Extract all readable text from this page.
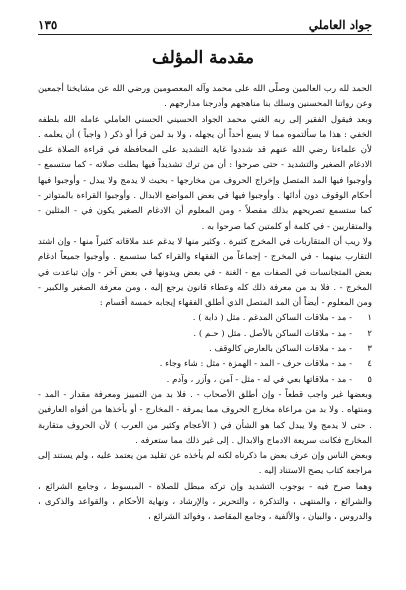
جواد العاملي
١٣٥
مقدمة المؤلف

الحمد لله رب العالمين وصلّى الله على محمد وآله المعصومين ورضي الله عن مشايخنا أجمعين وعن رواتنا المحسنين وسلك بنا مناهجهم وأدرجنا مدارجهم .

وبعد فيقول الفقير إلى ربه الغني محمد الجواد الحسيني الحسني العاملي عامله الله بلطفه الخفي : هذا ما سألتموه مما لا يسع أحداً أن يجهله ، ولا بد لمن قرأ أو ذكر ( واجباً ) أن يعلمه . لأن علماءنا رضي الله عنهم قد شددوا غاية التشديد على المحافظة في قراءة الصلاة على الادغام الصغير والتشديد - حتى صرحوا : أن من ترك تشديداً فيها بطلت صلاته - كما ستسمع - وأوجبوا فيها المد المتصل وإخراج الحروف من مخارجها - بحيث لا يدمج ولا يبدل - وأوجبوا فيها أحكام الوقوف دون أدائها . وأوجبوا فيها في بعض المواضع الابدال . وأوجبوا القراءة بالمتواتر - كما ستسمع تصريحهم بذلك مفصلاً - ومن المعلوم أن الادغام الصغير يكون في - المثلين - والمتقاربين - في كلمة أو كلمتين كما صرحوا به .

ولا ريب أن المتقاربات في المخرج كثيرة . وكثير منها لا يدغم عند ملاقاته كثيراً منها - وإن اشتد التقارب بينهما - في المخرج - إجماعاً من الفقهاء والقراء كما ستسمع . وأوجبوا جميعاً ادغام بعض المتجانسات في الصفات مع - الغنة - في بعض ويدونها في بعض آخر - وإن تباعدت في المخرج - . فلا بد من معرفة ذلك كله وعطاء قانون يرجع إليه ، ومن معرفة الصغير والكبير - ومن المعلوم - أيضاً أن المد المتصل الذي أطلق الفقهاء إيجابه خمسة أقسام :

١
- مد - ملاقات الساكن المدغم . مثل ( دابة ) .
٢
- مد - ملاقات الساكن بالأصل . مثل ( حـم ) .
٣
- مد - ملاقات الساكن بالعارض كالوقف .
٤
- مد - ملاقات حرف - المد - الهمزة - مثل : شاء وجاء .
٥
- مد - ملاقاتها بعي في له - مثل - آمن ، وآزر ، وآدم .

وبعضها غير واجب قطعاً - وإن أطلق الأصحاب - . فلا بد من التمييز ومعرفة مقدار - المد - ومنتهاه . ولا بد من مراعاة مخارج الحروف مما يمرفة - المخارج - أو بأخذها من أفواه العارفين . حتى لا يدمج ولا يبدل كما هو الشأن في ( الأعجام وكثير من العرب ) لأن الحروف متقاربة المخارج فكانت سريعة الادماج والابدال . إلى غير ذلك مما ستعرفه .

وبعض الناس وإن عرف بعض ما ذكرناه لكنه لم يأخذه عن تقليد من يعتمد عليه ، ولم يستند إلى مراجعة كتاب يصح الاستناد إليه .

وهما صرح فيه - بوجوب التشديد وإن تركه مبطل للصلاة - المبسوط ، وجامع الشرائع ، والشرائع ، والمنتهى ، والتذكرة ، والتحرير ، والإرشاد ، ونهاية الأحكام ، والقواعد والذكرى ، والدروس ، والبيان ، والألفية ، وجامع المقاصد ، وفوائد الشرائع ،
